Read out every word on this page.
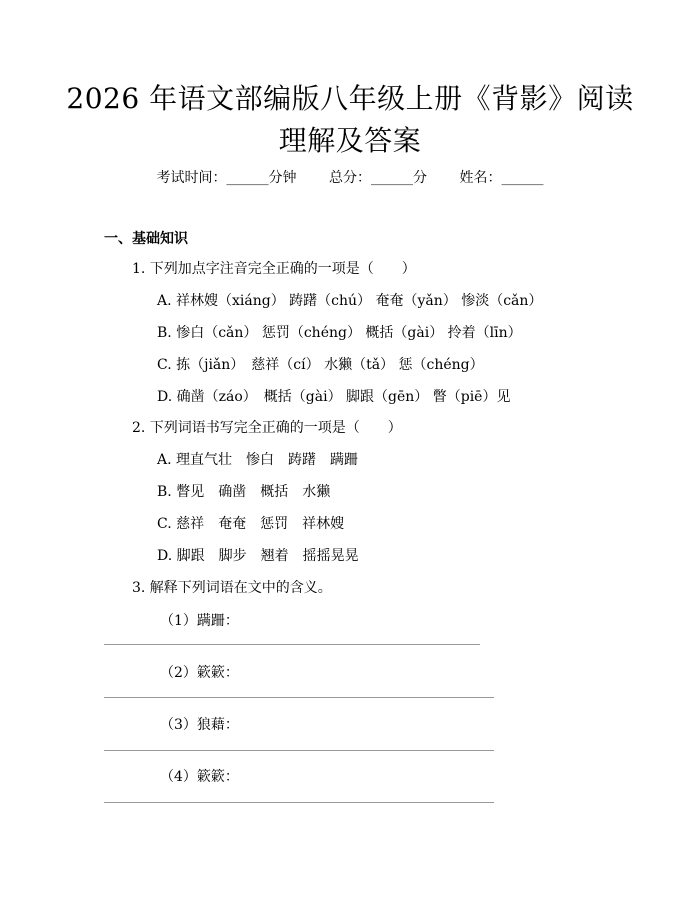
2026 年语文部编版八年级上册《背影》阅读
理解及答案
考试时间：______分钟 总分：______分 姓名：______
一、基础知识
1. 下列加点字注音完全正确的一项是（　　）
A. 祥林嫂（xiáng） 踌躇（chú） 奄奄（yǎn） 惨淡（cǎn）
B. 惨白（cǎn） 惩罚（chéng） 概括（gài） 拎着（līn）
C. 拣（jiǎn）　慈祥（cí） 水獭（tǎ） 惩（chéng）
D. 确凿（záo）　概括（gài） 脚跟（gēn） 瞥（piē）见
2. 下列词语书写完全正确的一项是（　　）
A. 理直气壮　惨白　踌躇　蹒跚
B. 瞥见　确凿　概括　水獭
C. 慈祥　奄奄　惩罚　祥林嫂
D. 脚跟　脚步　翘着　摇摇晃晃
3. 解释下列词语在文中的含义。
（1）蹒跚：
（2）簌簌：
（3）狼藉：
（4）簌簌：
